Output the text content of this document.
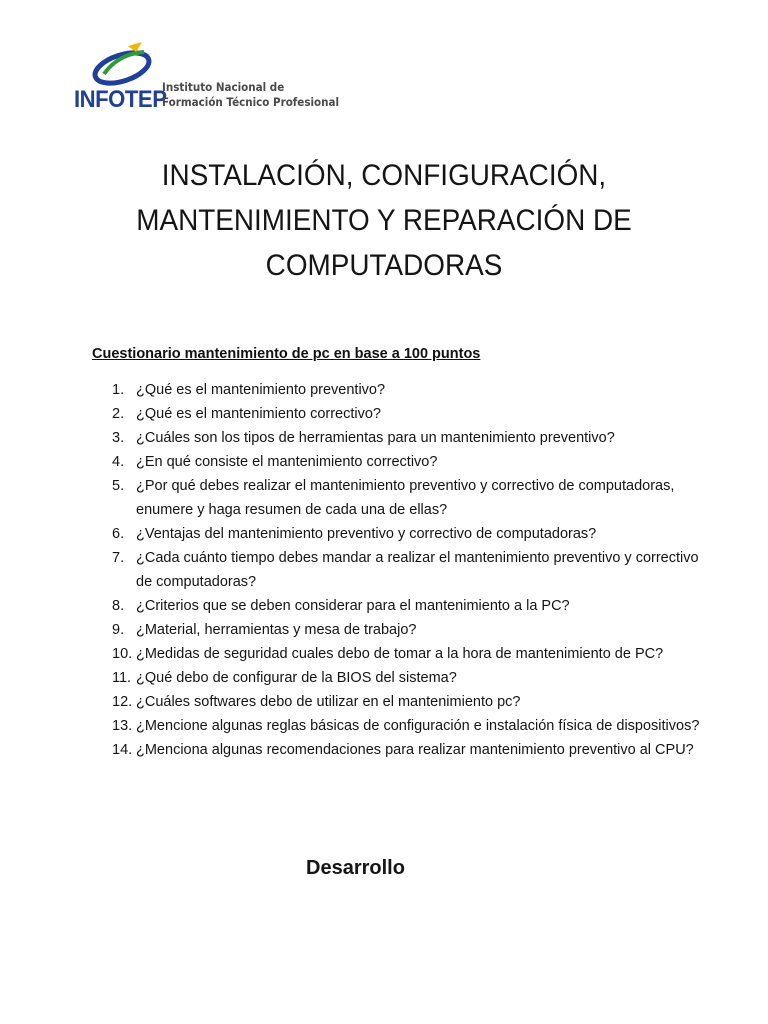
INFOTEP
Instituto Nacional de
Formación Técnico Profesional
INSTALACIÓN, CONFIGURACIÓN,
MANTENIMIENTO Y REPARACIÓN DE
COMPUTADORAS

Cuestionario mantenimiento de pc en base a 100 puntos

1. ¿Qué es el mantenimiento preventivo?
2. ¿Qué es el mantenimiento correctivo?
3. ¿Cuáles son los tipos de herramientas para un mantenimiento preventivo?
4. ¿En qué consiste el mantenimiento correctivo?
5. ¿Por qué debes realizar el mantenimiento preventivo y correctivo de computadoras, enumere y haga resumen de cada una de ellas?
6. ¿Ventajas del mantenimiento preventivo y correctivo de computadoras?
7. ¿Cada cuánto tiempo debes mandar a realizar el mantenimiento preventivo y correctivo de computadoras?
8. ¿Criterios que se deben considerar para el mantenimiento a la PC?
9. ¿Material, herramientas y mesa de trabajo?
10. ¿Medidas de seguridad cuales debo de tomar a la hora de mantenimiento de PC?
11. ¿Qué debo de configurar de la BIOS del sistema?
12. ¿Cuáles softwares debo de utilizar en el mantenimiento pc?
13. ¿Mencione algunas reglas básicas de configuración e instalación física de dispositivos?
14. ¿Menciona algunas recomendaciones para realizar mantenimiento preventivo al CPU?
Desarrollo
